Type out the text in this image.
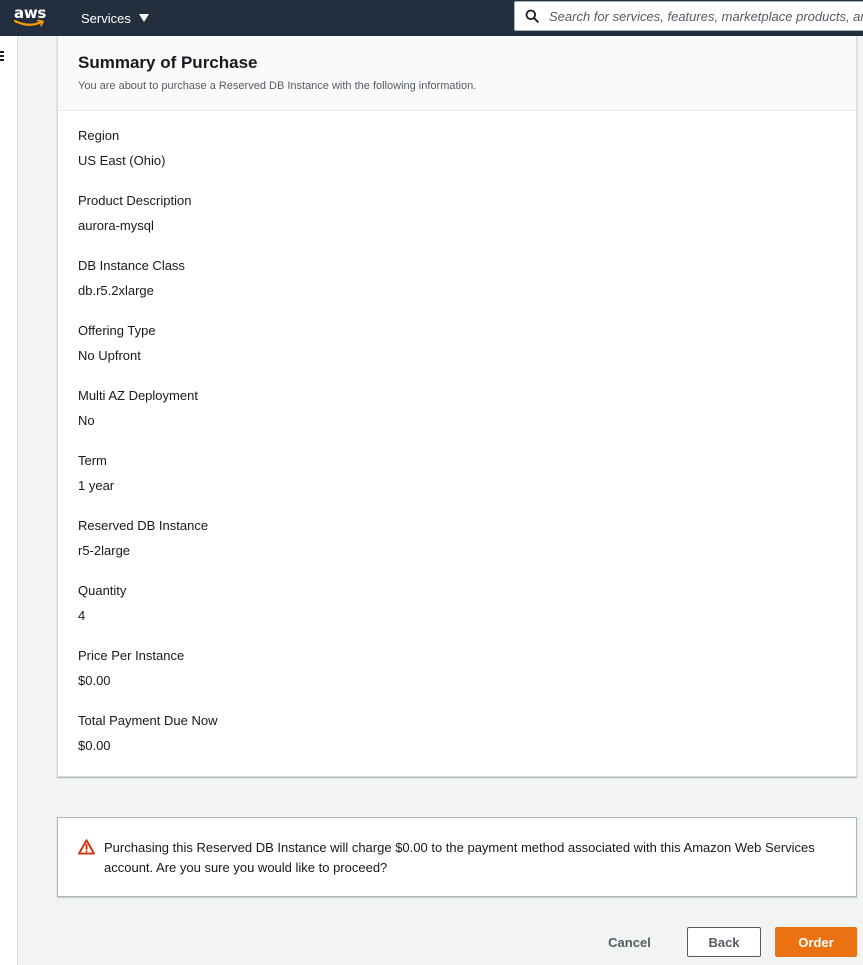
aws	Services
Search for services, features, marketplace products, and docs
Summary of Purchase
You are about to purchase a Reserved DB Instance with the following information.
Region
US East (Ohio)
Product Description
aurora-mysql
DB Instance Class
db.r5.2xlarge
Offering Type
No Upfront
Multi AZ Deployment
No
Term
1 year
Reserved DB Instance
r5-2large
Quantity
4
Price Per Instance
$0.00
Total Payment Due Now
$0.00
Purchasing this Reserved DB Instance will charge $0.00 to the payment method associated with this Amazon Web Services account. Are you sure you would like to proceed?
Cancel	Back	Order
